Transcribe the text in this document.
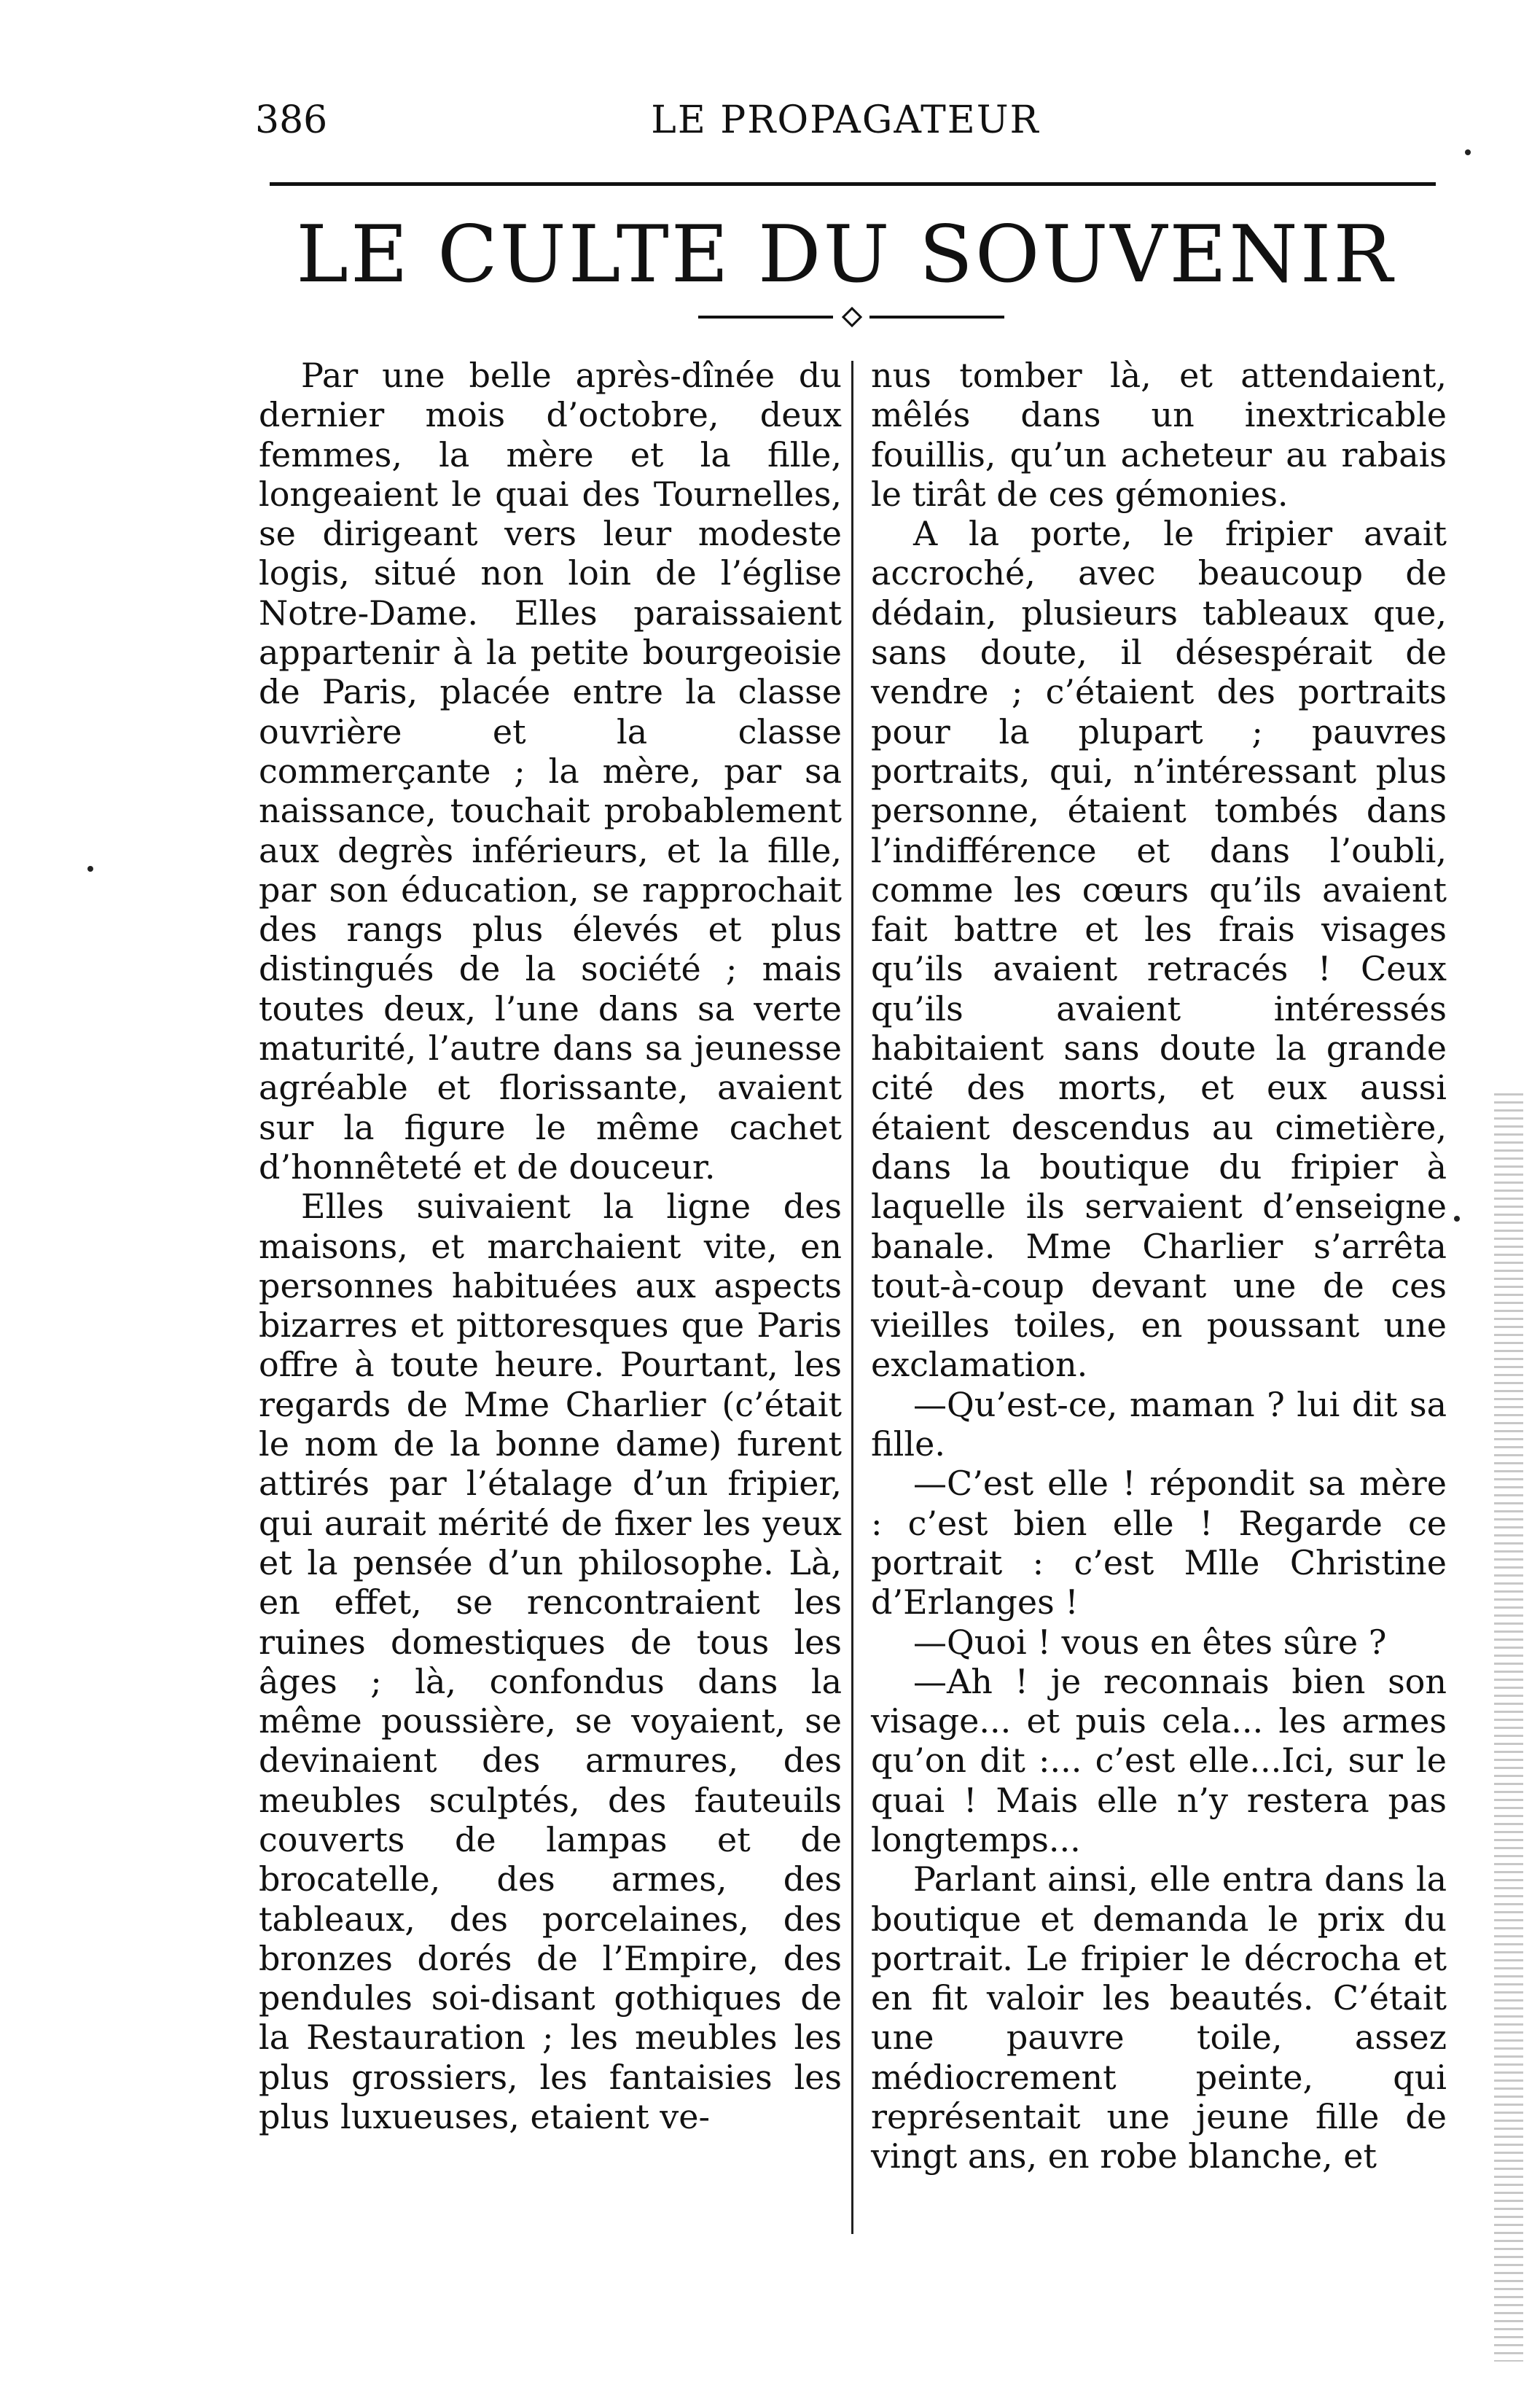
386	LE PROPAGATEUR
LE CULTE DU SOUVENIR

Par une belle après-dînée du dernier mois d’octobre, deux femmes, la mère et la fille, longeaient le quai des Tournelles, se dirigeant vers leur modeste logis, situé non loin de l’église Notre-Dame. Elles paraissaient appartenir à la petite bourgeoisie de Paris, placée entre la classe ouvrière et la classe commerçante ; la mère, par sa naissance, touchait probablement aux degrès inférieurs, et la fille, par son éducation, se rapprochait des rangs plus élevés et plus distingués de la société ; mais toutes deux, l’une dans sa verte maturité, l’autre dans sa jeunesse agréable et florissante, avaient sur la figure le même cachet d’honnêteté et de douceur.

Elles suivaient la ligne des maisons, et marchaient vite, en personnes habituées aux aspects bizarres et pittoresques que Paris offre à toute heure. Pourtant, les regards de Mme Charlier (c’était le nom de la bonne dame) furent attirés par l’étalage d’un fripier, qui aurait mérité de fixer les yeux et la pensée d’un philosophe. Là, en effet, se rencontraient les ruines domestiques de tous les âges ; là, confondus dans la même poussière, se voyaient, se devinaient des armures, des meubles sculptés, des fauteuils couverts de lampas et de brocatelle, des armes, des tableaux, des porcelaines, des bronzes dorés de l’Empire, des pendules soi-disant gothiques de la Restauration ; les meubles les plus grossiers, les fantaisies les plus luxueuses, etaient ve-

nus tomber là, et attendaient, mêlés dans un inextricable fouillis, qu’un acheteur au rabais le tirât de ces gémonies.

A la porte, le fripier avait accroché, avec beaucoup de dédain, plusieurs tableaux que, sans doute, il désespérait de vendre ; c’étaient des portraits pour la plupart ; pauvres portraits, qui, n’intéressant plus personne, étaient tombés dans l’indifférence et dans l’oubli, comme les cœurs qu’ils avaient fait battre et les frais visages qu’ils avaient retracés ! Ceux qu’ils avaient intéressés habitaient sans doute la grande cité des morts, et eux aussi étaient descendus au cimetière, dans la boutique du fripier à laquelle ils servaient d’enseigne banale. Mme Charlier s’arrêta tout-à-coup devant une de ces vieilles toiles, en poussant une exclamation.

—Qu’est-ce, maman ? lui dit sa fille.

—C’est elle ! répondit sa mère : c’est bien elle ! Regarde ce portrait : c’est Mlle Christine d’Erlanges !

—Quoi ! vous en êtes sûre ?

—Ah ! je reconnais bien son visage... et puis cela... les armes qu’on dit :... c’est elle...Ici, sur le quai ! Mais elle n’y restera pas longtemps...

Parlant ainsi, elle entra dans la boutique et demanda le prix du portrait. Le fripier le décrocha et en fit valoir les beautés. C’était une pauvre toile, assez médiocrement peinte, qui représentait une jeune fille de vingt ans, en robe blanche, et
